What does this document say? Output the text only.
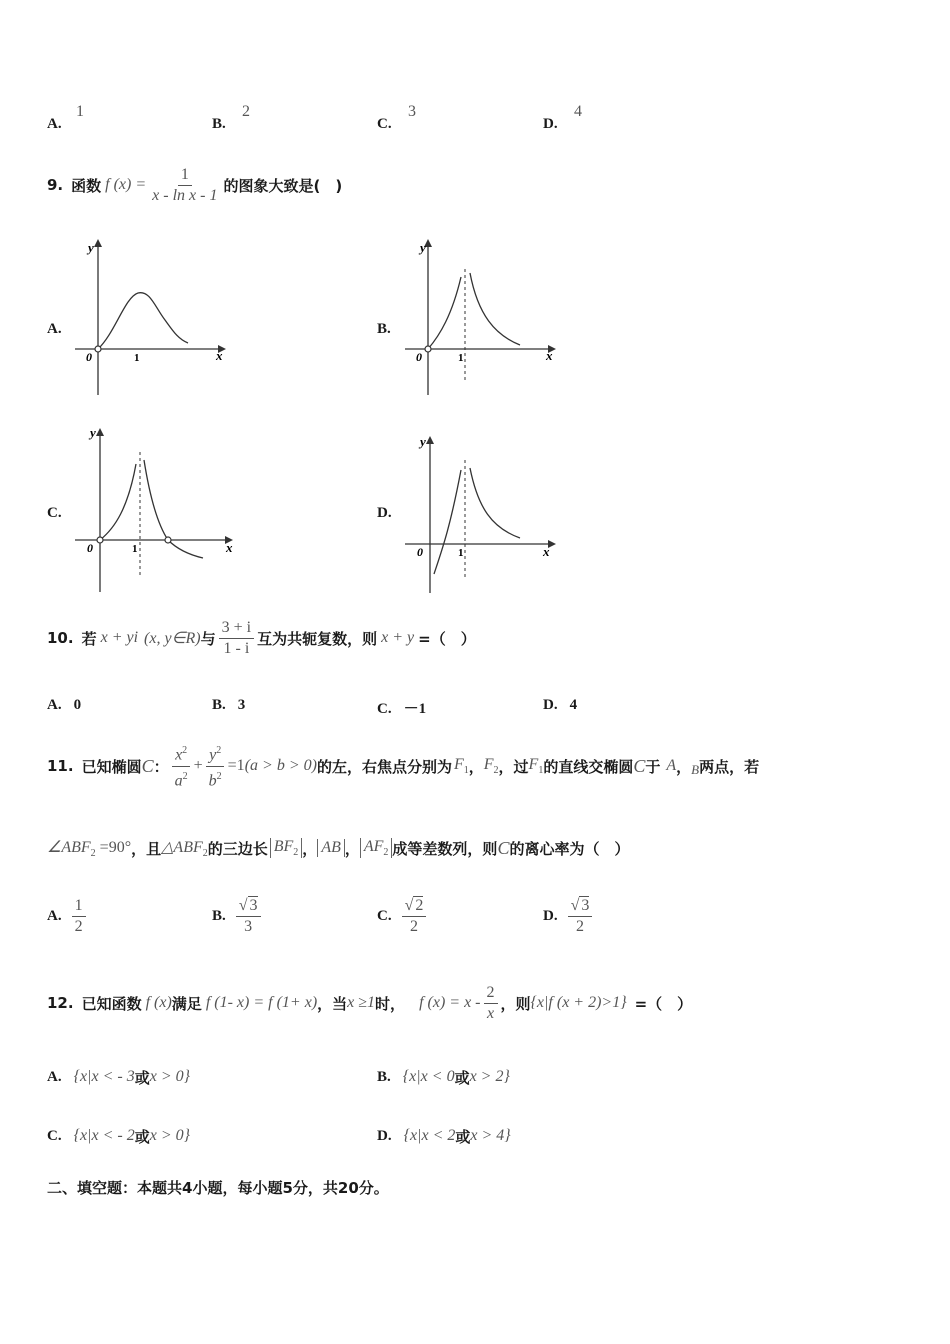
A.
1
B.
2
C.
3
D.
4
9. 函数 f $(x) = \frac{1}{\text{x - ln x - 1}}$ 的图象大致是(　)
A.	B.
C.	D.
y
x
0	1
y
x
0	1
y
x
0	1
y
x
0	1
10. 若 x + yi (x, y∈R) 与 $\frac{3 + i}{1 - i}$ 互为共轭复数，则 x + y =（　）
A. 0	B. 3	C. －1	D. 4
11. 已知椭圆 C ： $\frac{x^2}{a^2} + \frac{y^2}{b^2} =1$ (a > b > 0) 的左，右焦点分别为 $F_1$ ， $F_2$ ，过 $F_1$ 的直线交椭圆 C 于 A ， B 两点，若
$\angle ABF_2 =90^\circ$ ，且 $\triangle ABF_2$ 的三边长 $BF_2$ ， AB ， $AF_2$ 成等差数列，则 C 的离心率为（　）
A. $\frac{1}{2}$	B. $\frac{√ 3}{3}$	C. $\frac{√ 2}{2}$	D. $\frac{√ 3}{2}$
12. 已知函数 f (x) 满足 f (1- x) = f (1+ x) ，当 x ≥1 时， f $(x) = x - \frac{2}{x}$ ，则 {x|f (x + 2)>1} =（　）
A. {x|x < - 3 或 x > 0}	B. {x|x < 0 或 x > 2}
C. {x|x < - 2 或 x > 0}	D. {x|x < 2 或 x > 4}
二、填空题：本题共4小题，每小题5分，共20分。
